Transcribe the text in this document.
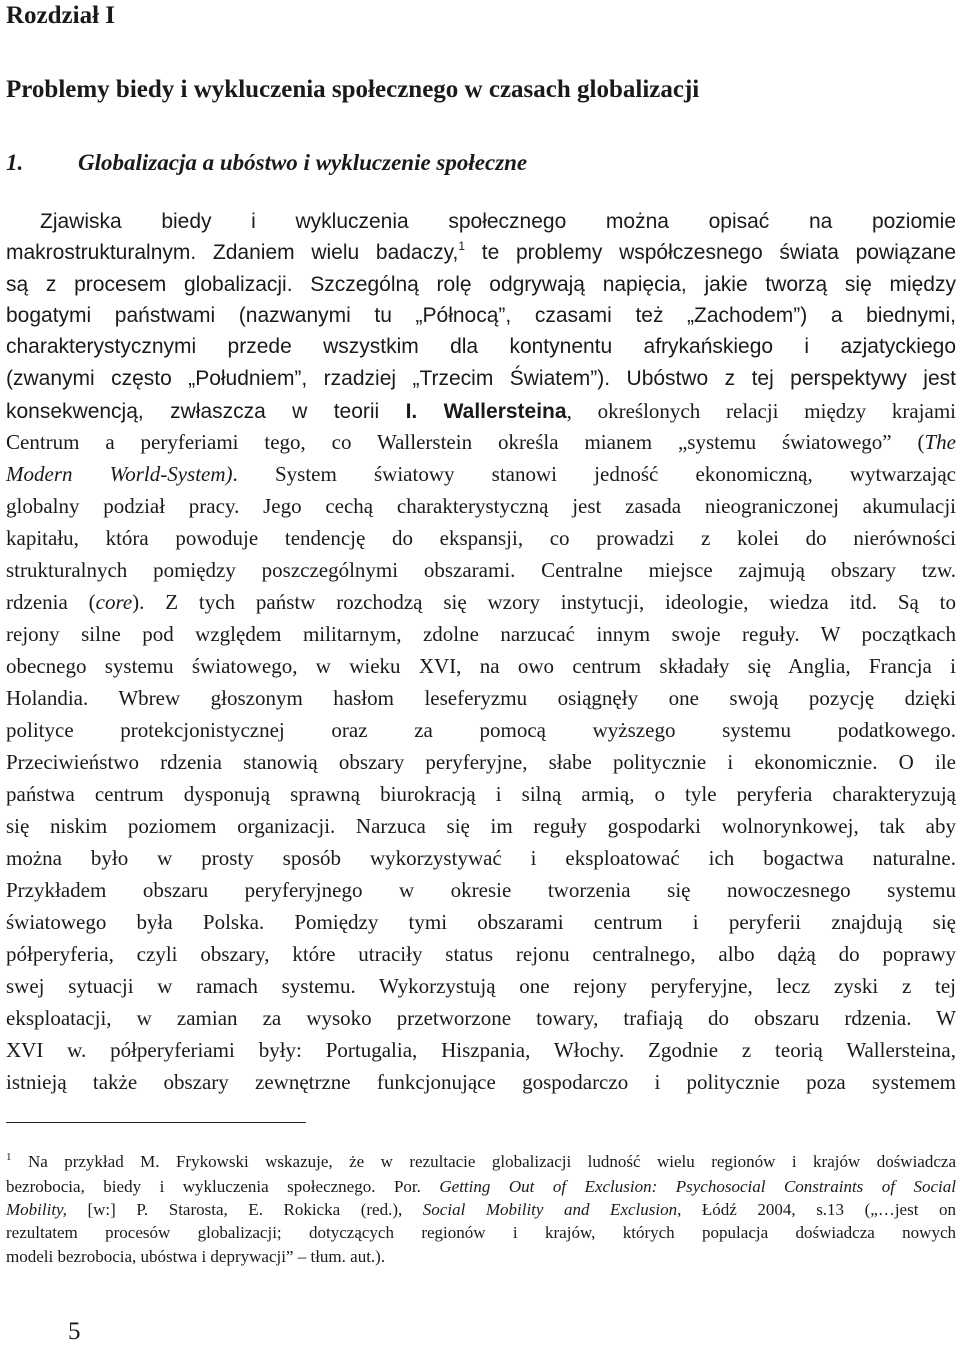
Rozdział I
Problemy biedy i wykluczenia społecznego w czasach globalizacji
1. Globalizacja a ubóstwo i wykluczenie społeczne
Zjawiska biedy i wykluczenia społecznego można opisać na poziomie
makrostrukturalnym. Zdaniem wielu badaczy,$^1$ te problemy współczesnego świata powiązane
są z procesem globalizacji. Szczególną rolę odgrywają napięcia, jakie tworzą się między
bogatymi państwami (nazwanymi tu „Północą”, czasami też „Zachodem”) a biednymi,
charakterystycznymi przede wszystkim dla kontynentu afrykańskiego i azjatyckiego
(zwanymi często „Południem”, rzadziej „Trzecim Światem”). Ubóstwo z tej perspektywy jest
konsekwencją, zwłaszcza w teorii I. Wallersteina, określonych relacji między krajami
Centrum a peryferiami tego, co Wallerstein określa mianem „systemu światowego” (The
Modern World-System). System światowy stanowi jedność ekonomiczną, wytwarzając
globalny podział pracy. Jego cechą charakterystyczną jest zasada nieograniczonej akumulacji
kapitału, która powoduje tendencję do ekspansji, co prowadzi z kolei do nierówności
strukturalnych pomiędzy poszczególnymi obszarami. Centralne miejsce zajmują obszary tzw.
rdzenia (core). Z tych państw rozchodzą się wzory instytucji, ideologie, wiedza itd. Są to
rejony silne pod względem militarnym, zdolne narzucać innym swoje reguły. W początkach
obecnego systemu światowego, w wieku XVI, na owo centrum składały się Anglia, Francja i
Holandia. Wbrew głoszonym hasłom leseferyzmu osiągnęły one swoją pozycję dzięki
polityce protekcjonistycznej oraz za pomocą wyższego systemu podatkowego.
Przeciwieństwo rdzenia stanowią obszary peryferyjne, słabe politycznie i ekonomicznie. O ile
państwa centrum dysponują sprawną biurokracją i silną armią, o tyle peryferia charakteryzują
się niskim poziomem organizacji. Narzuca się im reguły gospodarki wolnorynkowej, tak aby
można było w prosty sposób wykorzystywać i eksploatować ich bogactwa naturalne.
Przykładem obszaru peryferyjnego w okresie tworzenia się nowoczesnego systemu
światowego była Polska. Pomiędzy tymi obszarami centrum i peryferii znajdują się
półperyferia, czyli obszary, które utraciły status rejonu centralnego, albo dążą do poprawy
swej sytuacji w ramach systemu. Wykorzystują one rejony peryferyjne, lecz zyski z tej
eksploatacji, w zamian za wysoko przetworzone towary, trafiają do obszaru rdzenia. W
XVI w. półperyferiami były: Portugalia, Hiszpania, Włochy. Zgodnie z teorią Wallersteina,
istnieją także obszary zewnętrzne funkcjonujące gospodarczo i politycznie poza systemem
$^1$ Na przykład M. Frykowski wskazuje, że w rezultacie globalizacji ludność wielu regionów i krajów doświadcza
bezrobocia, biedy i wykluczenia społecznego. Por. Getting Out of Exclusion: Psychosocial Constraints of Social
Mobility, [w:] P. Starosta, E. Rokicka (red.), Social Mobility and Exclusion, Łódź 2004, s.13 („…jest on
rezultatem procesów globalizacji; dotyczących regionów i krajów, których populacja doświadcza nowych
modeli bezrobocia, ubóstwa i deprywacji” – tłum. aut.).

5
